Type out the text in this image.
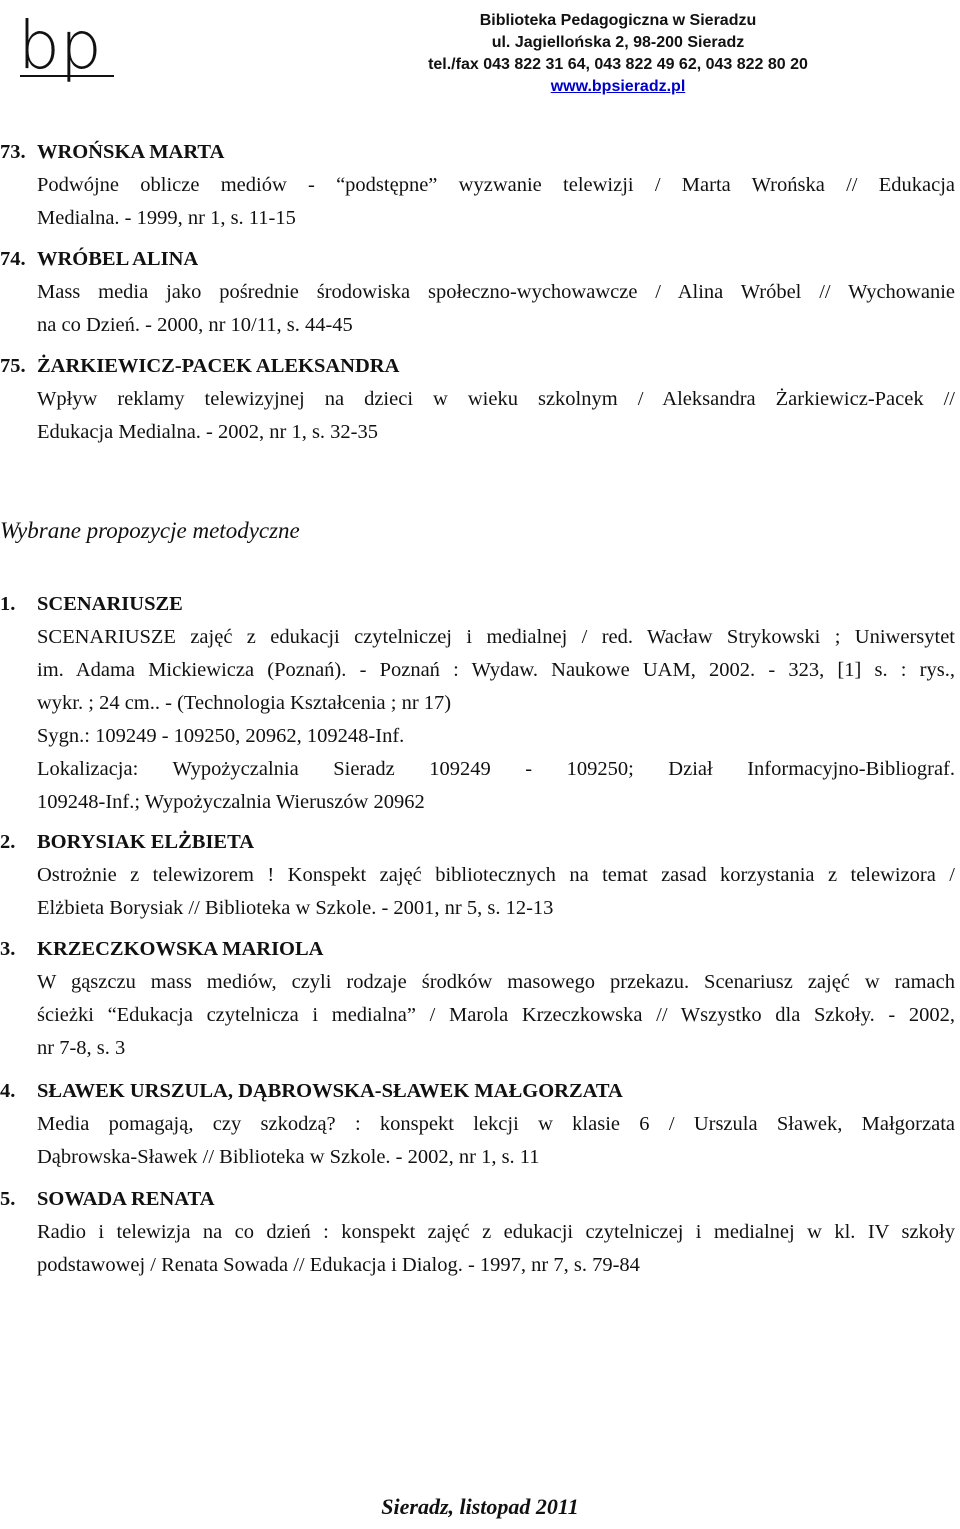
bp	Biblioteka Pedagogiczna w Sieradzu
ul. Jagiellońska 2, 98-200 Sieradz
tel./fax 043 822 31 64, 043 822 49 62, 043 822 80 20
www.bpsieradz.pl
73. WROŃSKA MARTA
Podwójne oblicze mediów - “podstępne” wyzwanie telewizji / Marta Wrońska // Edukacja
Medialna. - 1999, nr 1, s. 11-15
74. WRÓBEL ALINA
Mass media jako pośrednie środowiska społeczno-wychowawcze / Alina Wróbel // Wychowanie
na co Dzień. - 2000, nr 10/11, s. 44-45
75. ŻARKIEWICZ-PACEK ALEKSANDRA
Wpływ reklamy telewizyjnej na dzieci w wieku szkolnym / Aleksandra Żarkiewicz-Pacek //
Edukacja Medialna. - 2002, nr 1, s. 32-35
Wybrane propozycje metodyczne
1. SCENARIUSZE
SCENARIUSZE zajęć z edukacji czytelniczej i medialnej / red. Wacław Strykowski ; Uniwersytet
im. Adama Mickiewicza (Poznań). - Poznań : Wydaw. Naukowe UAM, 2002. - 323, [1] s. : rys.,
wykr. ; 24 cm.. - (Technologia Kształcenia ; nr 17)
Sygn.: 109249 - 109250, 20962, 109248-Inf.
Lokalizacja: Wypożyczalnia Sieradz 109249 - 109250; Dział Informacyjno-Bibliograf.
109248-Inf.; Wypożyczalnia Wieruszów 20962
2. BORYSIAK ELŻBIETA
Ostrożnie z telewizorem ! Konspekt zajęć bibliotecznych na temat zasad korzystania z telewizora /
Elżbieta Borysiak // Biblioteka w Szkole. - 2001, nr 5, s. 12-13
3. KRZECZKOWSKA MARIOLA
W gąszczu mass mediów, czyli rodzaje środków masowego przekazu. Scenariusz zajęć w ramach
ścieżki “Edukacja czytelnicza i medialna” / Marola Krzeczkowska // Wszystko dla Szkoły. - 2002,
nr 7-8, s. 3
4. SŁAWEK URSZULA, DĄBROWSKA-SŁAWEK MAŁGORZATA
Media pomagają, czy szkodzą? : konspekt lekcji w klasie 6 / Urszula Sławek, Małgorzata
Dąbrowska-Sławek // Biblioteka w Szkole. - 2002, nr 1, s. 11
5. SOWADA RENATA
Radio i telewizja na co dzień : konspekt zajęć z edukacji czytelniczej i medialnej w kl. IV szkoły
podstawowej / Renata Sowada // Edukacja i Dialog. - 1997, nr 7, s. 79-84
Sieradz, listopad 2011
